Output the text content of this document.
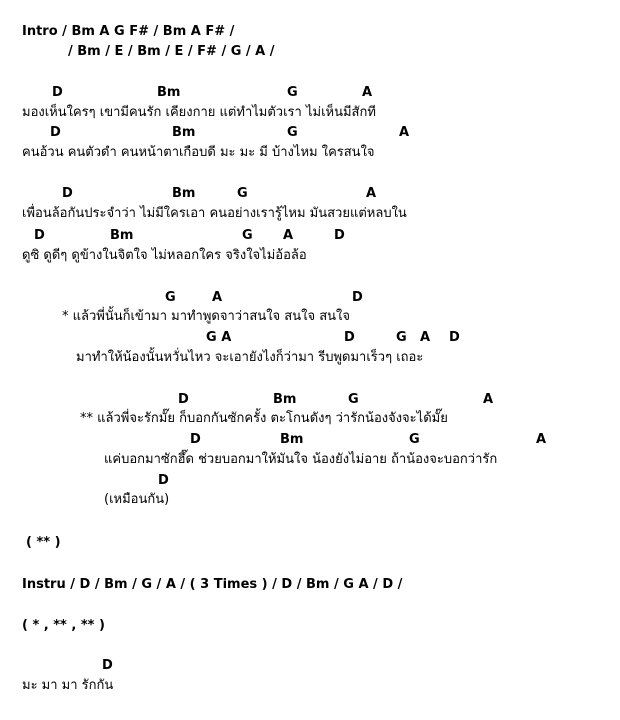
Intro / Bm A G F# / Bm A F# /
/ Bm / E / Bm / E / F# / G / A /
D	Bm	G	A
มองเห็นใครๆ เขามีคนรัก เคียงกาย แต่ทำไมตัวเรา ไม่เห็นมีสักที
D	Bm	G	A
คนอ้วน คนตัวดำ คนหน้าตาเกือบดี มะ มะ มี บ้างไหม ใครสนใจ
D	Bm	G	A
เพื่อนล้อกันประจำว่า ไม่มีใครเอา คนอย่างเรารู้ไหม มันสวยแต่หลบใน
D	Bm	G A	D
ดูซิ ดูดีๆ ดูข้างในจิตใจ ไม่หลอกใคร จริงใจไม่อ้อล้อ
G	A	D
* แล้วพี่นั้นก็เข้ามา มาทำพูดจาว่าสนใจ สนใจ สนใจ
G A	D	G A D
มาทำให้น้องนั้นหวั่นไหว จะเอายังไงก็ว่ามา รีบพูดมาเร็วๆ เถอะ
D	Bm	G	A
** แล้วพี่จะรักมั๊ย ก็บอกกันซักครั้ง ตะโกนดังๆ ว่ารักน้องจังจะได้มั๊ย
D	Bm	G	A
แค่บอกมาซักฮึ๊ด ช่วยบอกมาให้มันใจ น้องยังไม่อาย ถ้าน้องจะบอกว่ารัก
D
(เหมือนกัน)
( ** )
Instru / D / Bm / G / A / ( 3 Times ) / D / Bm / G A / D /
( * , ** , ** )
D
มะ มา มา รักกัน
